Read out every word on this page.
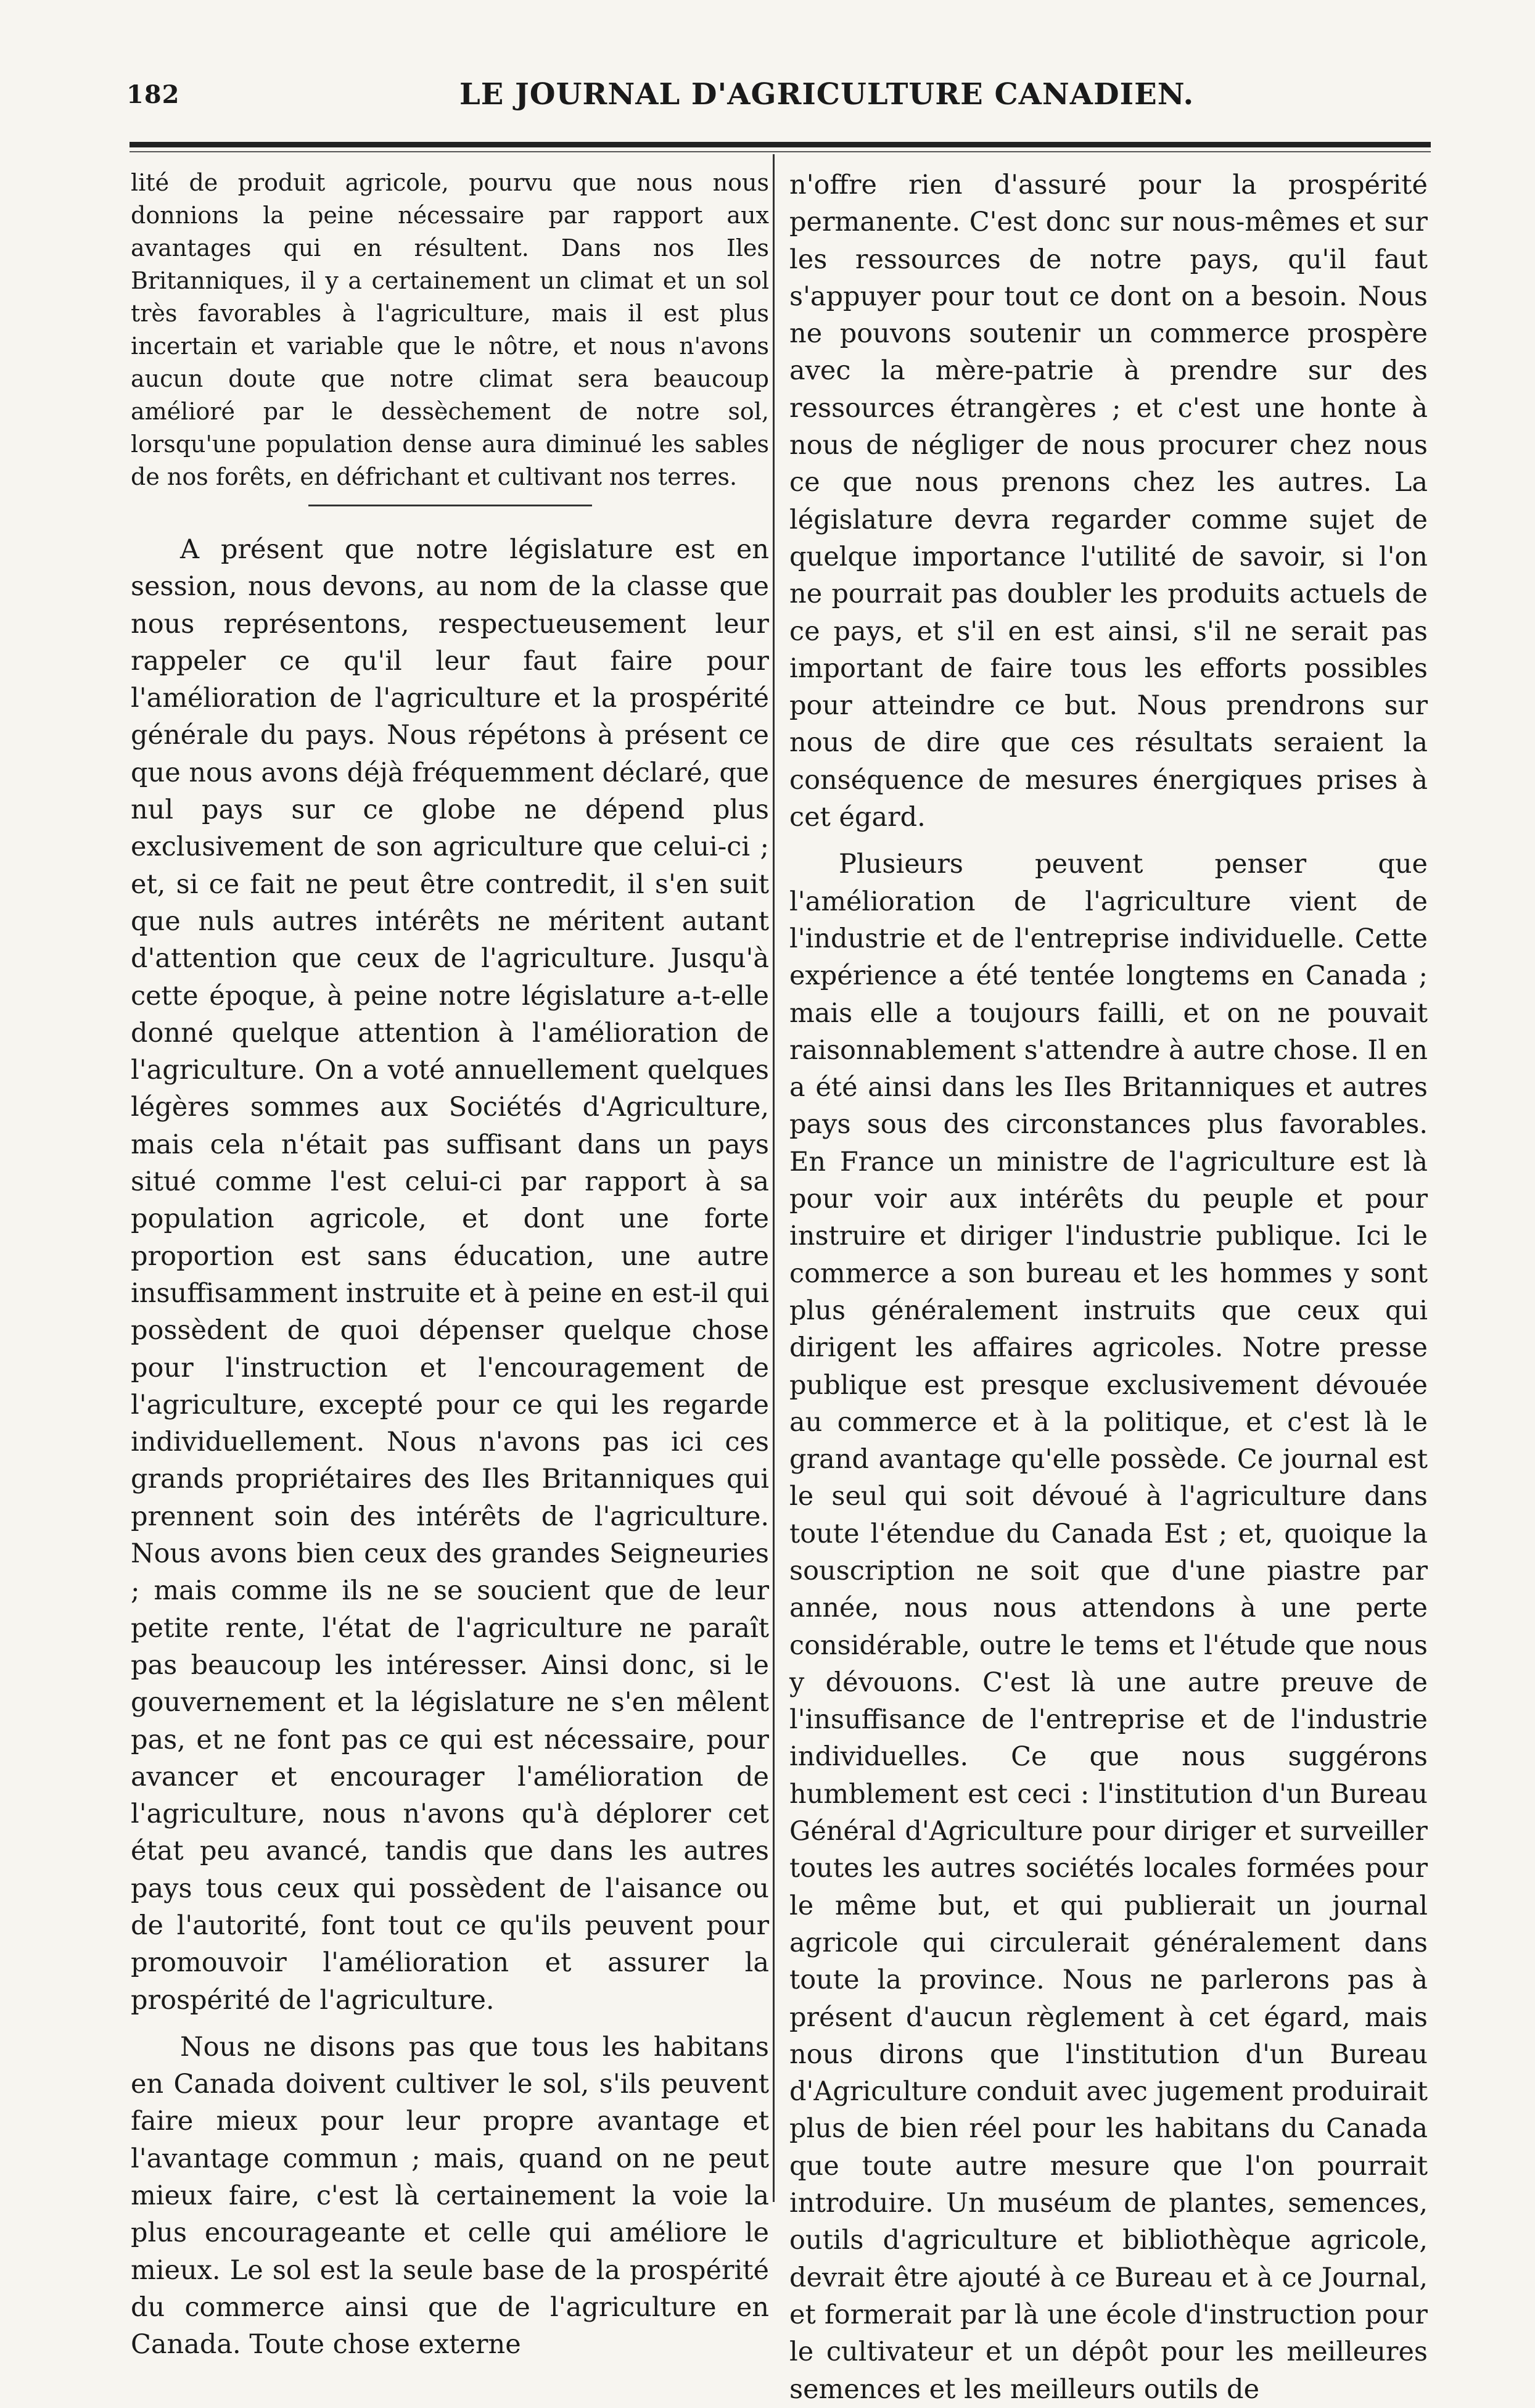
182	LE JOURNAL D'AGRICULTURE CANADIEN.

lité de produit agricole, pourvu que nous nous donnions la peine nécessaire par rapport aux avantages qui en résultent. Dans nos Iles Britanniques, il y a certainement un climat et un sol très favorables à l'agriculture, mais il est plus incertain et variable que le nôtre, et nous n'avons aucun doute que notre climat sera beaucoup amélioré par le dessèchement de notre sol, lorsqu'une population dense aura diminué les sables de nos forêts, en défrichant et cultivant nos terres.

A présent que notre législature est en session, nous devons, au nom de la classe que nous représentons, respectueusement leur rappeler ce qu'il leur faut faire pour l'amélioration de l'agriculture et la prospérité générale du pays. Nous répétons à présent ce que nous avons déjà fréquemment déclaré, que nul pays sur ce globe ne dépend plus exclusivement de son agriculture que celui-ci ; et, si ce fait ne peut être contredit, il s'en suit que nuls autres intérêts ne méritent autant d'attention que ceux de l'agriculture. Jusqu'à cette époque, à peine notre législature a-t-elle donné quelque attention à l'amélioration de l'agriculture. On a voté annuellement quelques légères sommes aux Sociétés d'Agriculture, mais cela n'était pas suffisant dans un pays situé comme l'est celui-ci par rapport à sa population agricole, et dont une forte proportion est sans éducation, une autre insuffisamment instruite et à peine en est-il qui possèdent de quoi dépenser quelque chose pour l'instruction et l'encouragement de l'agriculture, excepté pour ce qui les regarde individuellement. Nous n'avons pas ici ces grands propriétaires des Iles Britanniques qui prennent soin des intérêts de l'agriculture. Nous avons bien ceux des grandes Seigneuries ; mais comme ils ne se soucient que de leur petite rente, l'état de l'agriculture ne paraît pas beaucoup les intéresser. Ainsi donc, si le gouvernement et la législature ne s'en mêlent pas, et ne font pas ce qui est nécessaire, pour avancer et encourager l'amélioration de l'agriculture, nous n'avons qu'à déplorer cet état peu avancé, tandis que dans les autres pays tous ceux qui possèdent de l'aisance ou de l'autorité, font tout ce qu'ils peuvent pour promouvoir l'amélioration et assurer la prospérité de l'agriculture.

Nous ne disons pas que tous les habitans en Canada doivent cultiver le sol, s'ils peuvent faire mieux pour leur propre avantage et l'avantage commun ; mais, quand on ne peut mieux faire, c'est là certainement la voie la plus encourageante et celle qui améliore le mieux. Le sol est la seule base de la prospérité du commerce ainsi que de l'agriculture en Canada. Toute chose externe

n'offre rien d'assuré pour la prospérité permanente. C'est donc sur nous-mêmes et sur les ressources de notre pays, qu'il faut s'appuyer pour tout ce dont on a besoin. Nous ne pouvons soutenir un commerce prospère avec la mère-patrie à prendre sur des ressources étrangères ; et c'est une honte à nous de négliger de nous procurer chez nous ce que nous prenons chez les autres. La législature devra regarder comme sujet de quelque importance l'utilité de savoir, si l'on ne pourrait pas doubler les produits actuels de ce pays, et s'il en est ainsi, s'il ne serait pas important de faire tous les efforts possibles pour atteindre ce but. Nous prendrons sur nous de dire que ces résultats seraient la conséquence de mesures énergiques prises à cet égard.

Plusieurs peuvent penser que l'amélioration de l'agriculture vient de l'industrie et de l'entreprise individuelle. Cette expérience a été tentée longtems en Canada ; mais elle a toujours failli, et on ne pouvait raisonnablement s'attendre à autre chose. Il en a été ainsi dans les Iles Britanniques et autres pays sous des circonstances plus favorables. En France un ministre de l'agriculture est là pour voir aux intérêts du peuple et pour instruire et diriger l'industrie publique. Ici le commerce a son bureau et les hommes y sont plus généralement instruits que ceux qui dirigent les affaires agricoles. Notre presse publique est presque exclusivement dévouée au commerce et à la politique, et c'est là le grand avantage qu'elle possède. Ce journal est le seul qui soit dévoué à l'agriculture dans toute l'étendue du Canada Est ; et, quoique la souscription ne soit que d'une piastre par année, nous nous attendons à une perte considérable, outre le tems et l'étude que nous y dévouons. C'est là une autre preuve de l'insuffisance de l'entreprise et de l'industrie individuelles. Ce que nous suggérons humblement est ceci : l'institution d'un Bureau Général d'Agriculture pour diriger et surveiller toutes les autres sociétés locales formées pour le même but, et qui publierait un journal agricole qui circulerait généralement dans toute la province. Nous ne parlerons pas à présent d'aucun règlement à cet égard, mais nous dirons que l'institution d'un Bureau d'Agriculture conduit avec jugement produirait plus de bien réel pour les habitans du Canada que toute autre mesure que l'on pourrait introduire. Un muséum de plantes, semences, outils d'agriculture et bibliothèque agricole, devrait être ajouté à ce Bureau et à ce Journal, et formerait par là une école d'instruction pour le cultivateur et un dépôt pour les meilleures semences et les meilleurs outils de
